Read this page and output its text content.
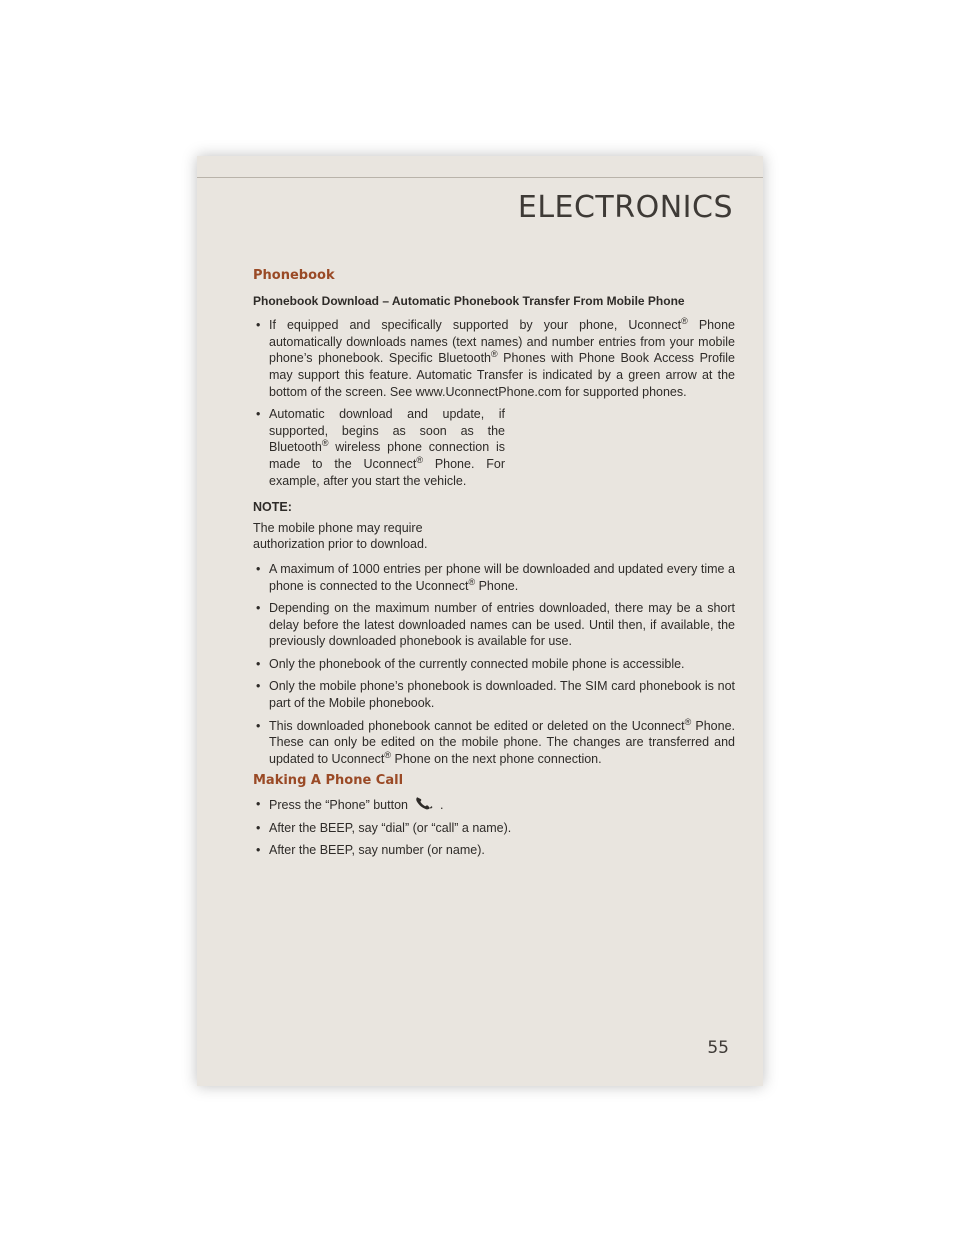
ELECTRONICS
Phonebook
Phonebook Download – Automatic Phonebook Transfer From Mobile Phone
• If equipped and specifically supported by your phone, Uconnect® Phone automatically downloads names (text names) and number entries from your mobile phone’s phonebook. Specific Bluetooth® Phones with Phone Book Access Profile may support this feature. Automatic Transfer is indicated by a green arrow at the bottom of the screen. See www.UconnectPhone.com for supported phones.
• Automatic download and update, if supported, begins as soon as the Bluetooth® wireless phone connection is made to the Uconnect® Phone. For example, after you start the vehicle.
NOTE:
The mobile phone may require authorization prior to download.
• A maximum of 1000 entries per phone will be downloaded and updated every time a phone is connected to the Uconnect® Phone.
• Depending on the maximum number of entries downloaded, there may be a short delay before the latest downloaded names can be used. Until then, if available, the previously downloaded phonebook is available for use.
• Only the phonebook of the currently connected mobile phone is accessible.
• Only the mobile phone’s phonebook is downloaded. The SIM card phonebook is not part of the Mobile phonebook.
• This downloaded phonebook cannot be edited or deleted on the Uconnect® Phone. These can only be edited on the mobile phone. The changes are transferred and updated to Uconnect® Phone on the next phone connection.
Making A Phone Call
• Press the “Phone” button	.
• After the BEEP, say “dial” (or “call” a name).
• After the BEEP, say number (or name).
55
